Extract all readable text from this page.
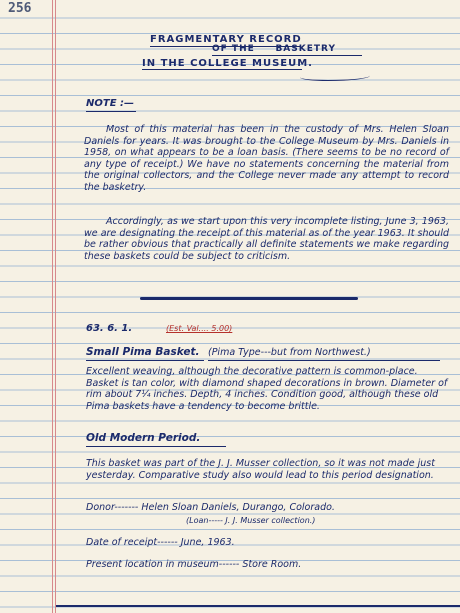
256
FRAGMENTARY RECORD
OF THE BASKETRY
IN THE COLLEGE MUSEUM.
NOTE :—

Most of this material has been in the custody of Mrs. Helen Sloan Daniels for years. It was brought to the College Museum by Mrs. Daniels in 1958, on what appears to be a loan basis. (There seems to be no record of any type of receipt.) We have no statements concerning the material from the original collectors, and the College never made any attempt to record the basketry.

Accordingly, as we start upon this very incomplete listing, June 3, 1963, we are designating the receipt of this material as of the year 1963. It should be rather obvious that practically all definite statements we make regarding these baskets could be subject to criticism.

63. 6. 1.	(Est. Val.... 5.00)
Small Pima Basket. (Pima Type---but from Northwest.)

Excellent weaving, although the decorative pattern is common-place. Basket is tan color, with diamond shaped decorations in brown. Diameter of rim about 7¼ inches. Depth, 4 inches. Condition good, although these old Pima baskets have a tendency to become brittle.

Old Modern Period.

This basket was part of the J. J. Musser collection, so it was not made just yesterday. Comparative study also would lead to this period designation.

Donor------- Helen Sloan Daniels, Durango, Colorado.
(Loan----- J. J. Musser collection.)
Date of receipt------ June, 1963.
Present location in museum------ Store Room.
